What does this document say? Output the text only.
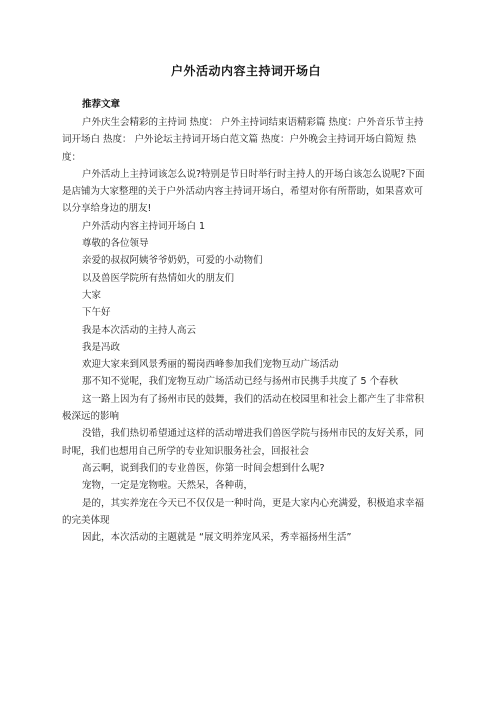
户外活动内容主持词开场白
推荐文章

户外庆生会精彩的主持词 热度： 户外主持词结束语精彩篇 热度：户外音乐节主持词开场白 热度： 户外论坛主持词开场白范文篇 热度：户外晚会主持词开场白简短 热度：

户外活动上主持词该怎么说?特别是节日时举行时主持人的开场白该怎么说呢?下面是店铺为大家整理的关于户外活动内容主持词开场白，希望对你有所帮助，如果喜欢可以分享给身边的朋友!

户外活动内容主持词开场白 1

尊敬的各位领导

亲爱的叔叔阿姨爷爷奶奶，可爱的小动物们

以及兽医学院所有热情如火的朋友们

大家

下午好

我是本次活动的主持人高云

我是冯政

欢迎大家来到风景秀丽的蜀岗西峰参加我们宠物互动广场活动

那不知不觉呢，我们宠物互动广场活动已经与扬州市民携手共度了 5 个春秋

这一路上因为有了扬州市民的鼓舞，我们的活动在校园里和社会上都产生了非常积极深远的影响

没错，我们热切希望通过这样的活动增进我们兽医学院与扬州市民的友好关系，同时呢，我们也想用自己所学的专业知识服务社会，回报社会

高云啊，说到我们的专业兽医，你第一时间会想到什么呢?

宠物，一定是宠物啦。天然呆，各种萌，

是的，其实养宠在今天已不仅仅是一种时尚，更是大家内心充满爱，积极追求幸福的完美体现

因此，本次活动的主题就是 “展文明养宠风采，秀幸福扬州生活”
